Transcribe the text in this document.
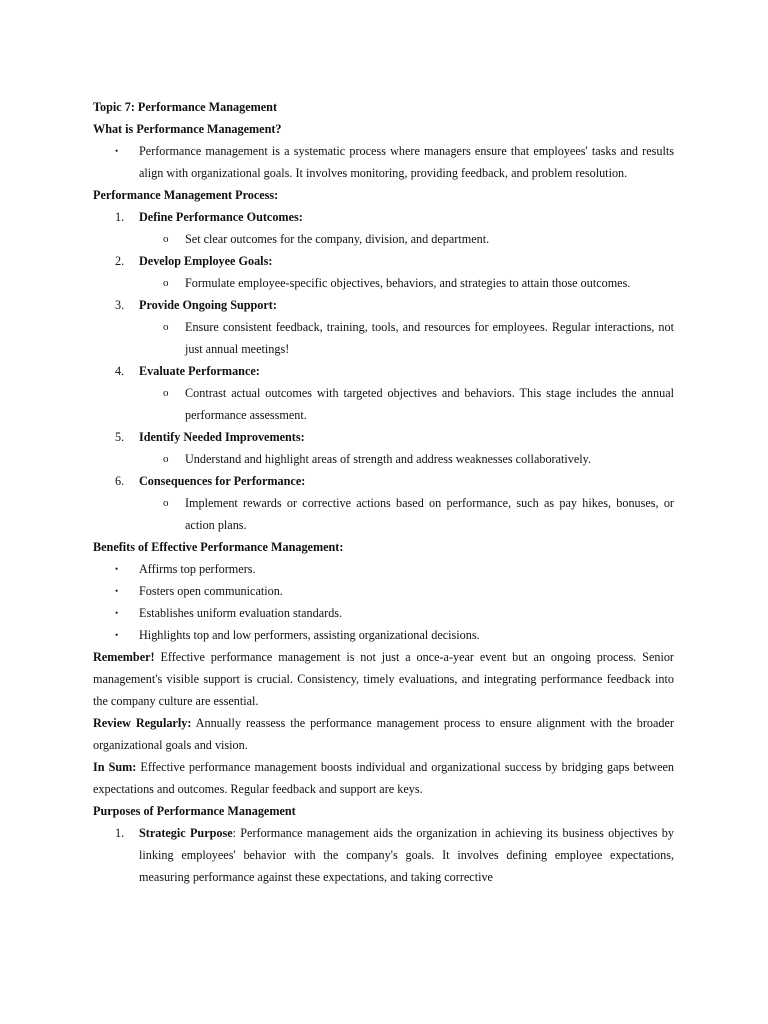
Topic 7: Performance Management
What is Performance Management?
• Performance management is a systematic process where managers ensure that employees' tasks and results align with organizational goals. It involves monitoring, providing feedback, and problem resolution.
Performance Management Process:
1. Define Performance Outcomes:
o Set clear outcomes for the company, division, and department.
2. Develop Employee Goals:
o Formulate employee-specific objectives, behaviors, and strategies to attain those outcomes.
3. Provide Ongoing Support:
o Ensure consistent feedback, training, tools, and resources for employees. Regular interactions, not just annual meetings!
4. Evaluate Performance:
o Contrast actual outcomes with targeted objectives and behaviors. This stage includes the annual performance assessment.
5. Identify Needed Improvements:
o Understand and highlight areas of strength and address weaknesses collaboratively.
6. Consequences for Performance:
o Implement rewards or corrective actions based on performance, such as pay hikes, bonuses, or action plans.
Benefits of Effective Performance Management:
• Affirms top performers.
• Fosters open communication.
• Establishes uniform evaluation standards.
• Highlights top and low performers, assisting organizational decisions.
Remember! Effective performance management is not just a once-a-year event but an ongoing process. Senior management's visible support is crucial. Consistency, timely evaluations, and integrating performance feedback into the company culture are essential.
Review Regularly: Annually reassess the performance management process to ensure alignment with the broader organizational goals and vision.
In Sum: Effective performance management boosts individual and organizational success by bridging gaps between expectations and outcomes. Regular feedback and support are keys.
Purposes of Performance Management
1. Strategic Purpose: Performance management aids the organization in achieving its business objectives by linking employees' behavior with the company's goals. It involves defining employee expectations, measuring performance against these expectations, and taking corrective
